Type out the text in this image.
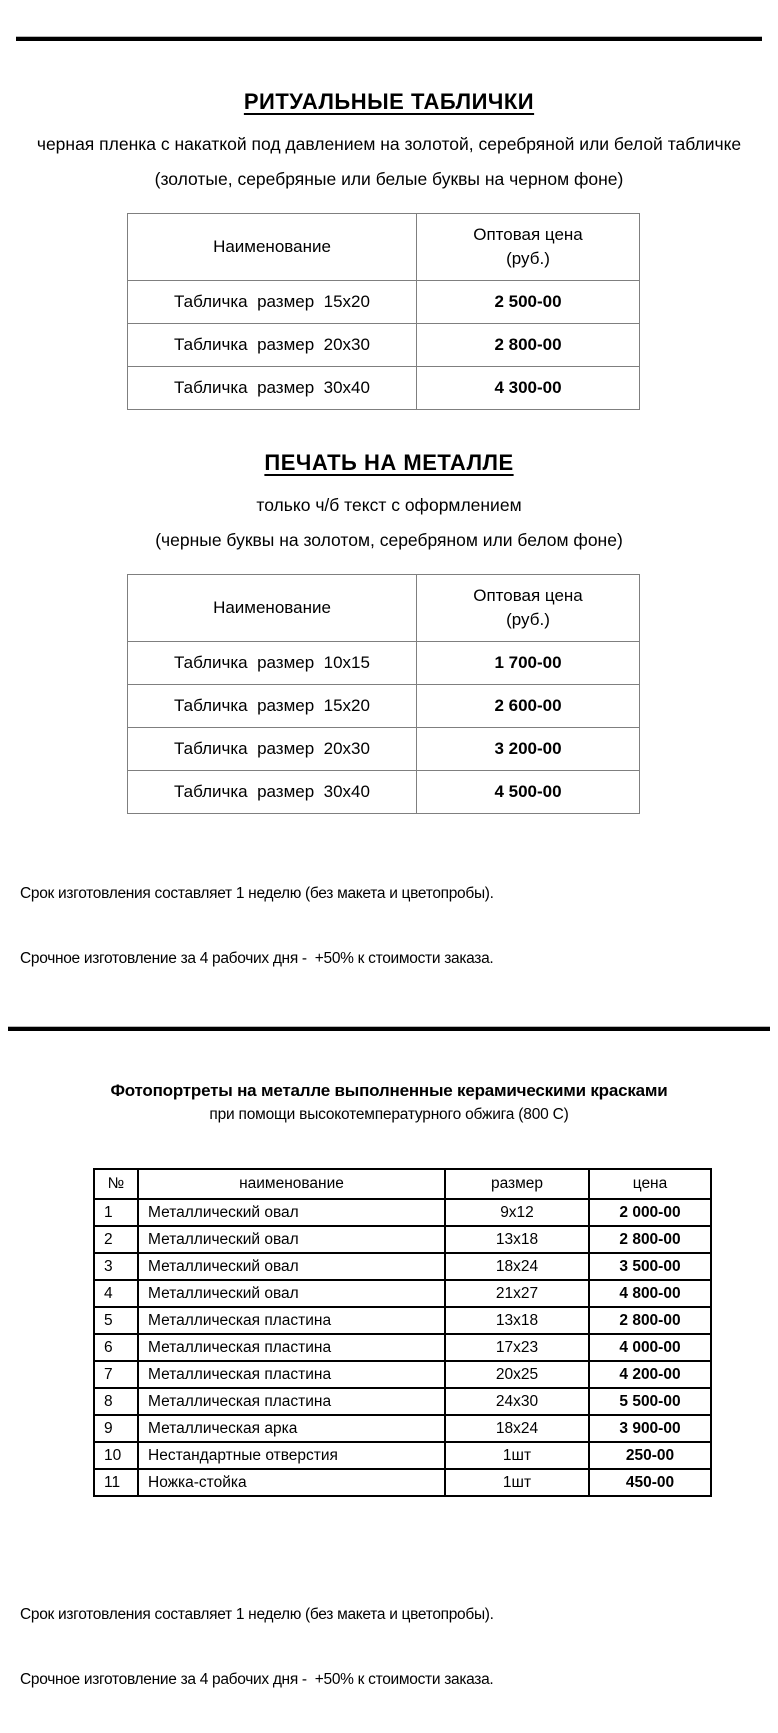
РИТУАЛЬНЫЕ ТАБЛИЧКИ

черная пленка с накаткой под давлением на золотой, серебряной или белой табличке

(золотые, серебряные или белые буквы на черном фоне)

Наименование	Оптовая цена
(руб.)

Табличка  размер  15х20	2 500-00
Табличка  размер  20х30	2 800-00
Табличка  размер  30х40	4 300-00
ПЕЧАТЬ НА МЕТАЛЛЕ

только ч/б текст с оформлением

(черные буквы на золотом, серебряном или белом фоне)

Наименование	Оптовая цена
(руб.)

Табличка  размер  10х15	1 700-00
Табличка  размер  15х20	2 600-00
Табличка  размер  20х30	3 200-00
Табличка  размер  30х40	4 500-00

Срок изготовления составляет 1 неделю (без макета и цветопробы).

Срочное изготовление за 4 рабочих дня -  +50% к стоимости заказа.

Фотопортреты на металле выполненные керамическими красками

при помощи высокотемпературного обжига (800 С)

№	наименование	размер	цена
1	Металлический овал	9х12	2 000-00
2	Металлический овал	13х18	2 800-00
3	Металлический овал	18х24	3 500-00
4	Металлический овал	21х27	4 800-00
5	Металлическая пластина	13х18	2 800-00
6	Металлическая пластина	17х23	4 000-00
7	Металлическая пластина	20х25	4 200-00
8	Металлическая пластина	24х30	5 500-00
9	Металлическая арка	18х24	3 900-00
10	Нестандартные отверстия	1шт	250-00
11	Ножка-стойка	1шт	450-00

Срок изготовления составляет 1 неделю (без макета и цветопробы).

Срочное изготовление за 4 рабочих дня -  +50% к стоимости заказа.
